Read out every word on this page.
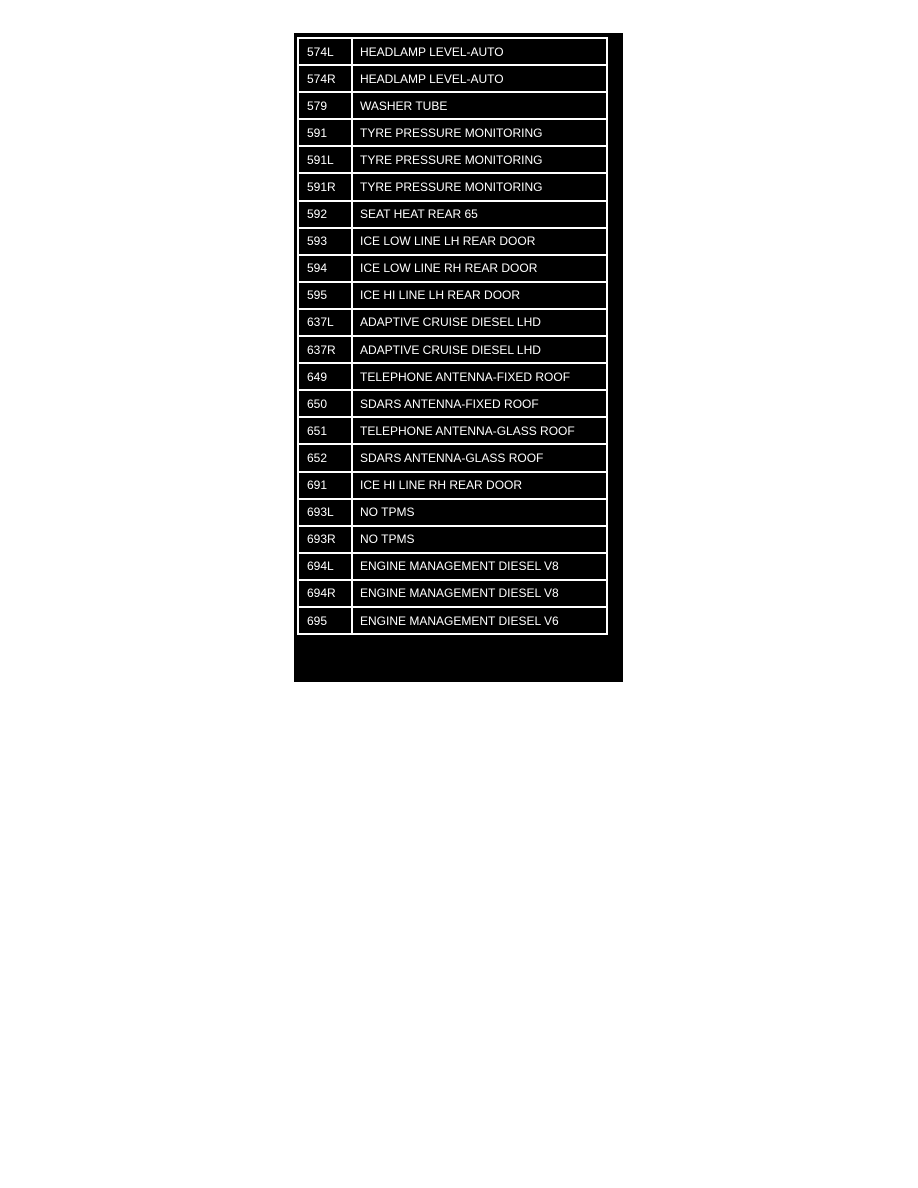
574L	HEADLAMP LEVEL-AUTO
574R	HEADLAMP LEVEL-AUTO
579	WASHER TUBE
591	TYRE PRESSURE MONITORING
591L	TYRE PRESSURE MONITORING
591R	TYRE PRESSURE MONITORING
592	SEAT HEAT REAR 65
593	ICE LOW LINE LH REAR DOOR
594	ICE LOW LINE RH REAR DOOR
595	ICE HI LINE LH REAR DOOR
637L	ADAPTIVE CRUISE DIESEL LHD
637R	ADAPTIVE CRUISE DIESEL LHD
649	TELEPHONE ANTENNA-FIXED ROOF
650	SDARS ANTENNA-FIXED ROOF
651	TELEPHONE ANTENNA-GLASS ROOF
652	SDARS ANTENNA-GLASS ROOF
691	ICE HI LINE RH REAR DOOR
693L	NO TPMS
693R	NO TPMS
694L	ENGINE MANAGEMENT DIESEL V8
694R	ENGINE MANAGEMENT DIESEL V8
695	ENGINE MANAGEMENT DIESEL V6
